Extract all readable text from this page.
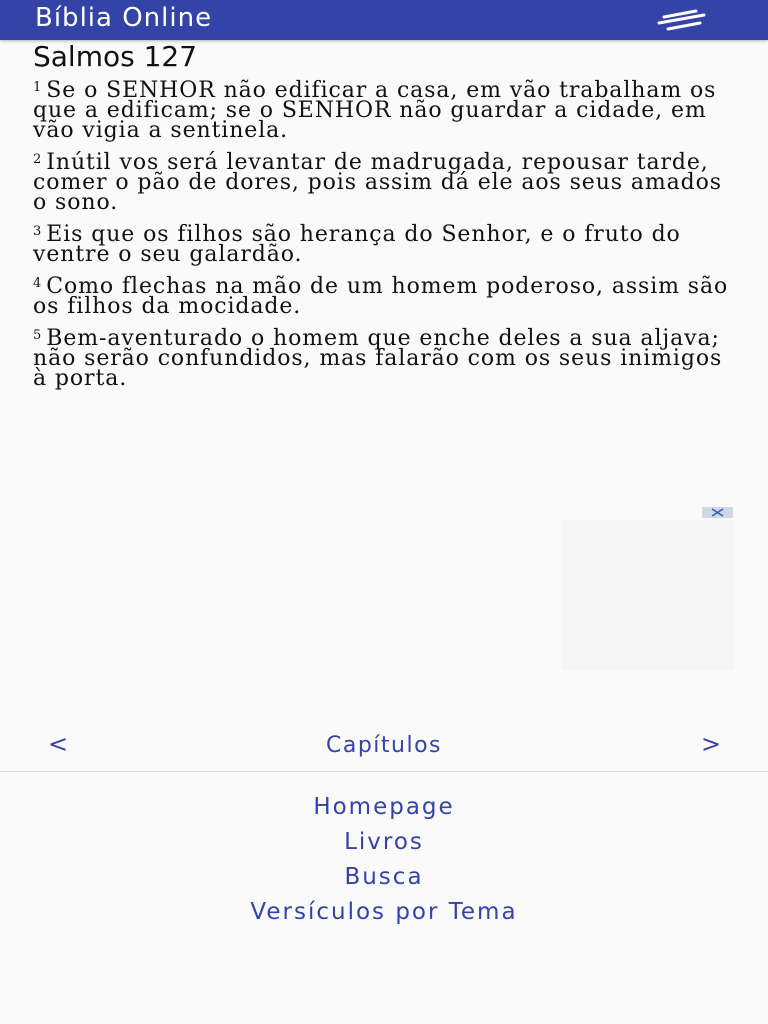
Bíblia Online
Salmos 127

$^1$ Se o SENHOR não edificar a casa, em vão trabalham os que a edificam; se o SENHOR não guardar a cidade, em vão vigia a sentinela.

$^2$ Inútil vos será levantar de madrugada, repousar tarde, comer o pão de dores, pois assim dá ele aos seus amados o sono.

$^3$ Eis que os filhos são herança do Senhor, e o fruto do ventre o seu galardão.

$^4$ Como flechas na mão de um homem poderoso, assim são os filhos da mocidade.

$^5$ Bem-aventurado o homem que enche deles a sua aljava; não serão confundidos, mas falarão com os seus inimigos à porta.

<	Capítulos	>
Homepage
Livros
Busca
Versículos por Tema
